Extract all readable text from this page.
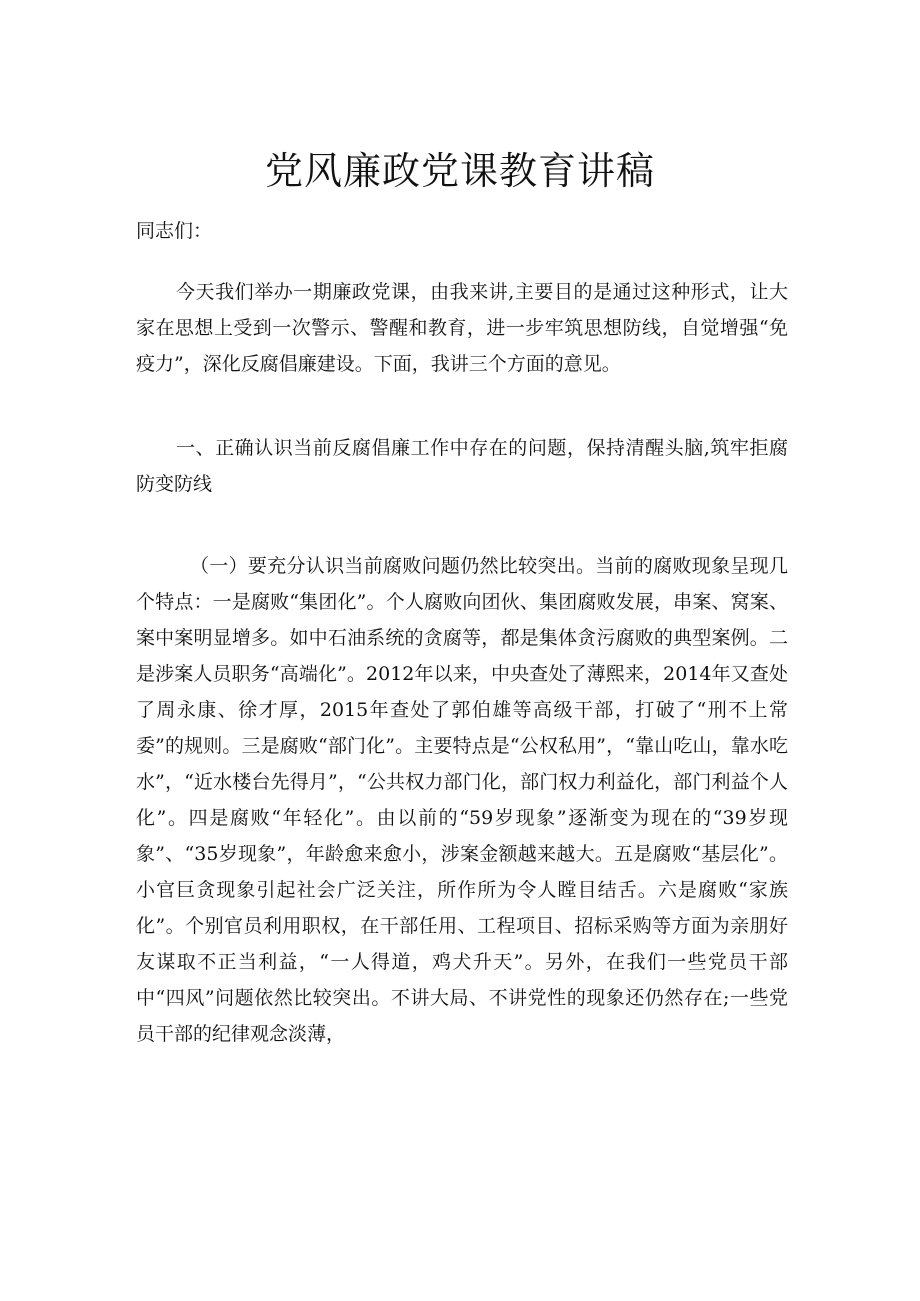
党风廉政党课教育讲稿

同志们：

今天我们举办一期廉政党课，由我来讲,主要目的是通过这种形式，让大家在思想上受到一次警示、警醒和教育，进一步牢筑思想防线，自觉增强“免疫力”，深化反腐倡廉建设。下面，我讲三个方面的意见。

一、正确认识当前反腐倡廉工作中存在的问题，保持清醒头脑,筑牢拒腐防变防线

（一）要充分认识当前腐败问题仍然比较突出。当前的腐败现象呈现几个特点：一是腐败“集团化”。个人腐败向团伙、集团腐败发展，串案、窝案、案中案明显增多。如中石油系统的贪腐等，都是集体贪污腐败的典型案例。二是涉案人员职务“高端化”。2012年以来，中央查处了薄熙来，2014年又查处了周永康、徐才厚，2015年查处了郭伯雄等高级干部，打破了“刑不上常委”的规则。三是腐败“部门化”。主要特点是“公权私用”，“靠山吃山，靠水吃水”，“近水楼台先得月”，“公共权力部门化，部门权力利益化，部门利益个人化”。四是腐败“年轻化”。由以前的“59岁现象”逐渐变为现在的“39岁现象”、“35岁现象”，年龄愈来愈小，涉案金额越来越大。五是腐败“基层化”。小官巨贪现象引起社会广泛关注，所作所为令人瞠目结舌。六是腐败“家族化”。个别官员利用职权，在干部任用、工程项目、招标采购等方面为亲朋好友谋取不正当利益，“一人得道，鸡犬升天”。另外，在我们一些党员干部中“四风”问题依然比较突出。不讲大局、不讲党性的现象还仍然存在;一些党员干部的纪律观念淡薄，
